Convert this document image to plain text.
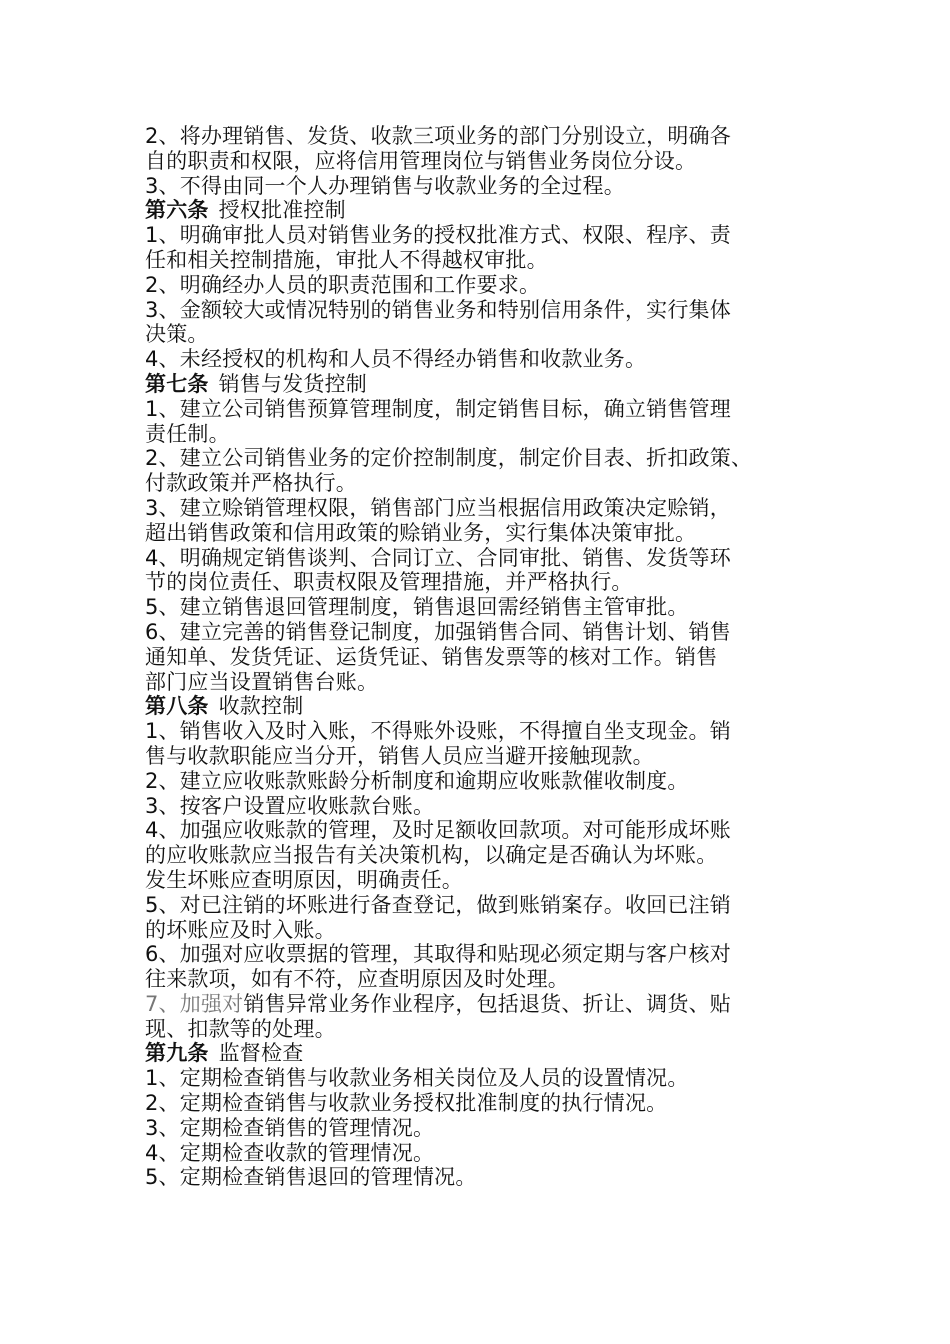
2、将办理销售、发货、收款三项业务的部门分别设立，明确各
自的职责和权限，应将信用管理岗位与销售业务岗位分设。
3、不得由同一个人办理销售与收款业务的全过程。
第六条 授权批准控制
1、明确审批人员对销售业务的授权批准方式、权限、程序、责
任和相关控制措施，审批人不得越权审批。
2、明确经办人员的职责范围和工作要求。
3、金额较大或情况特别的销售业务和特别信用条件，实行集体
决策。
4、未经授权的机构和人员不得经办销售和收款业务。
第七条 销售与发货控制
1、建立公司销售预算管理制度，制定销售目标，确立销售管理
责任制。
2、建立公司销售业务的定价控制制度，制定价目表、折扣政策、
付款政策并严格执行。
3、建立赊销管理权限，销售部门应当根据信用政策决定赊销，
超出销售政策和信用政策的赊销业务，实行集体决策审批。
4、明确规定销售谈判、合同订立、合同审批、销售、发货等环
节的岗位责任、职责权限及管理措施，并严格执行。
5、建立销售退回管理制度，销售退回需经销售主管审批。
6、建立完善的销售登记制度，加强销售合同、销售计划、销售
通知单、发货凭证、运货凭证、销售发票等的核对工作。销售
部门应当设置销售台账。
第八条 收款控制
1、销售收入及时入账，不得账外设账，不得擅自坐支现金。销
售与收款职能应当分开，销售人员应当避开接触现款。
2、建立应收账款账龄分析制度和逾期应收账款催收制度。
3、按客户设置应收账款台账。
4、加强应收账款的管理，及时足额收回款项。对可能形成坏账
的应收账款应当报告有关决策机构，以确定是否确认为坏账。
发生坏账应查明原因，明确责任。
5、对已注销的坏账进行备查登记，做到账销案存。收回已注销
的坏账应及时入账。
6、加强对应收票据的管理，其取得和贴现必须定期与客户核对
往来款项，如有不符，应查明原因及时处理。
7、加强对销售异常业务作业程序，包括退货、折让、调货、贴
现、扣款等的处理。
第九条 监督检查
1、定期检查销售与收款业务相关岗位及人员的设置情况。
2、定期检查销售与收款业务授权批准制度的执行情况。
3、定期检查销售的管理情况。
4、定期检查收款的管理情况。
5、定期检查销售退回的管理情况。
